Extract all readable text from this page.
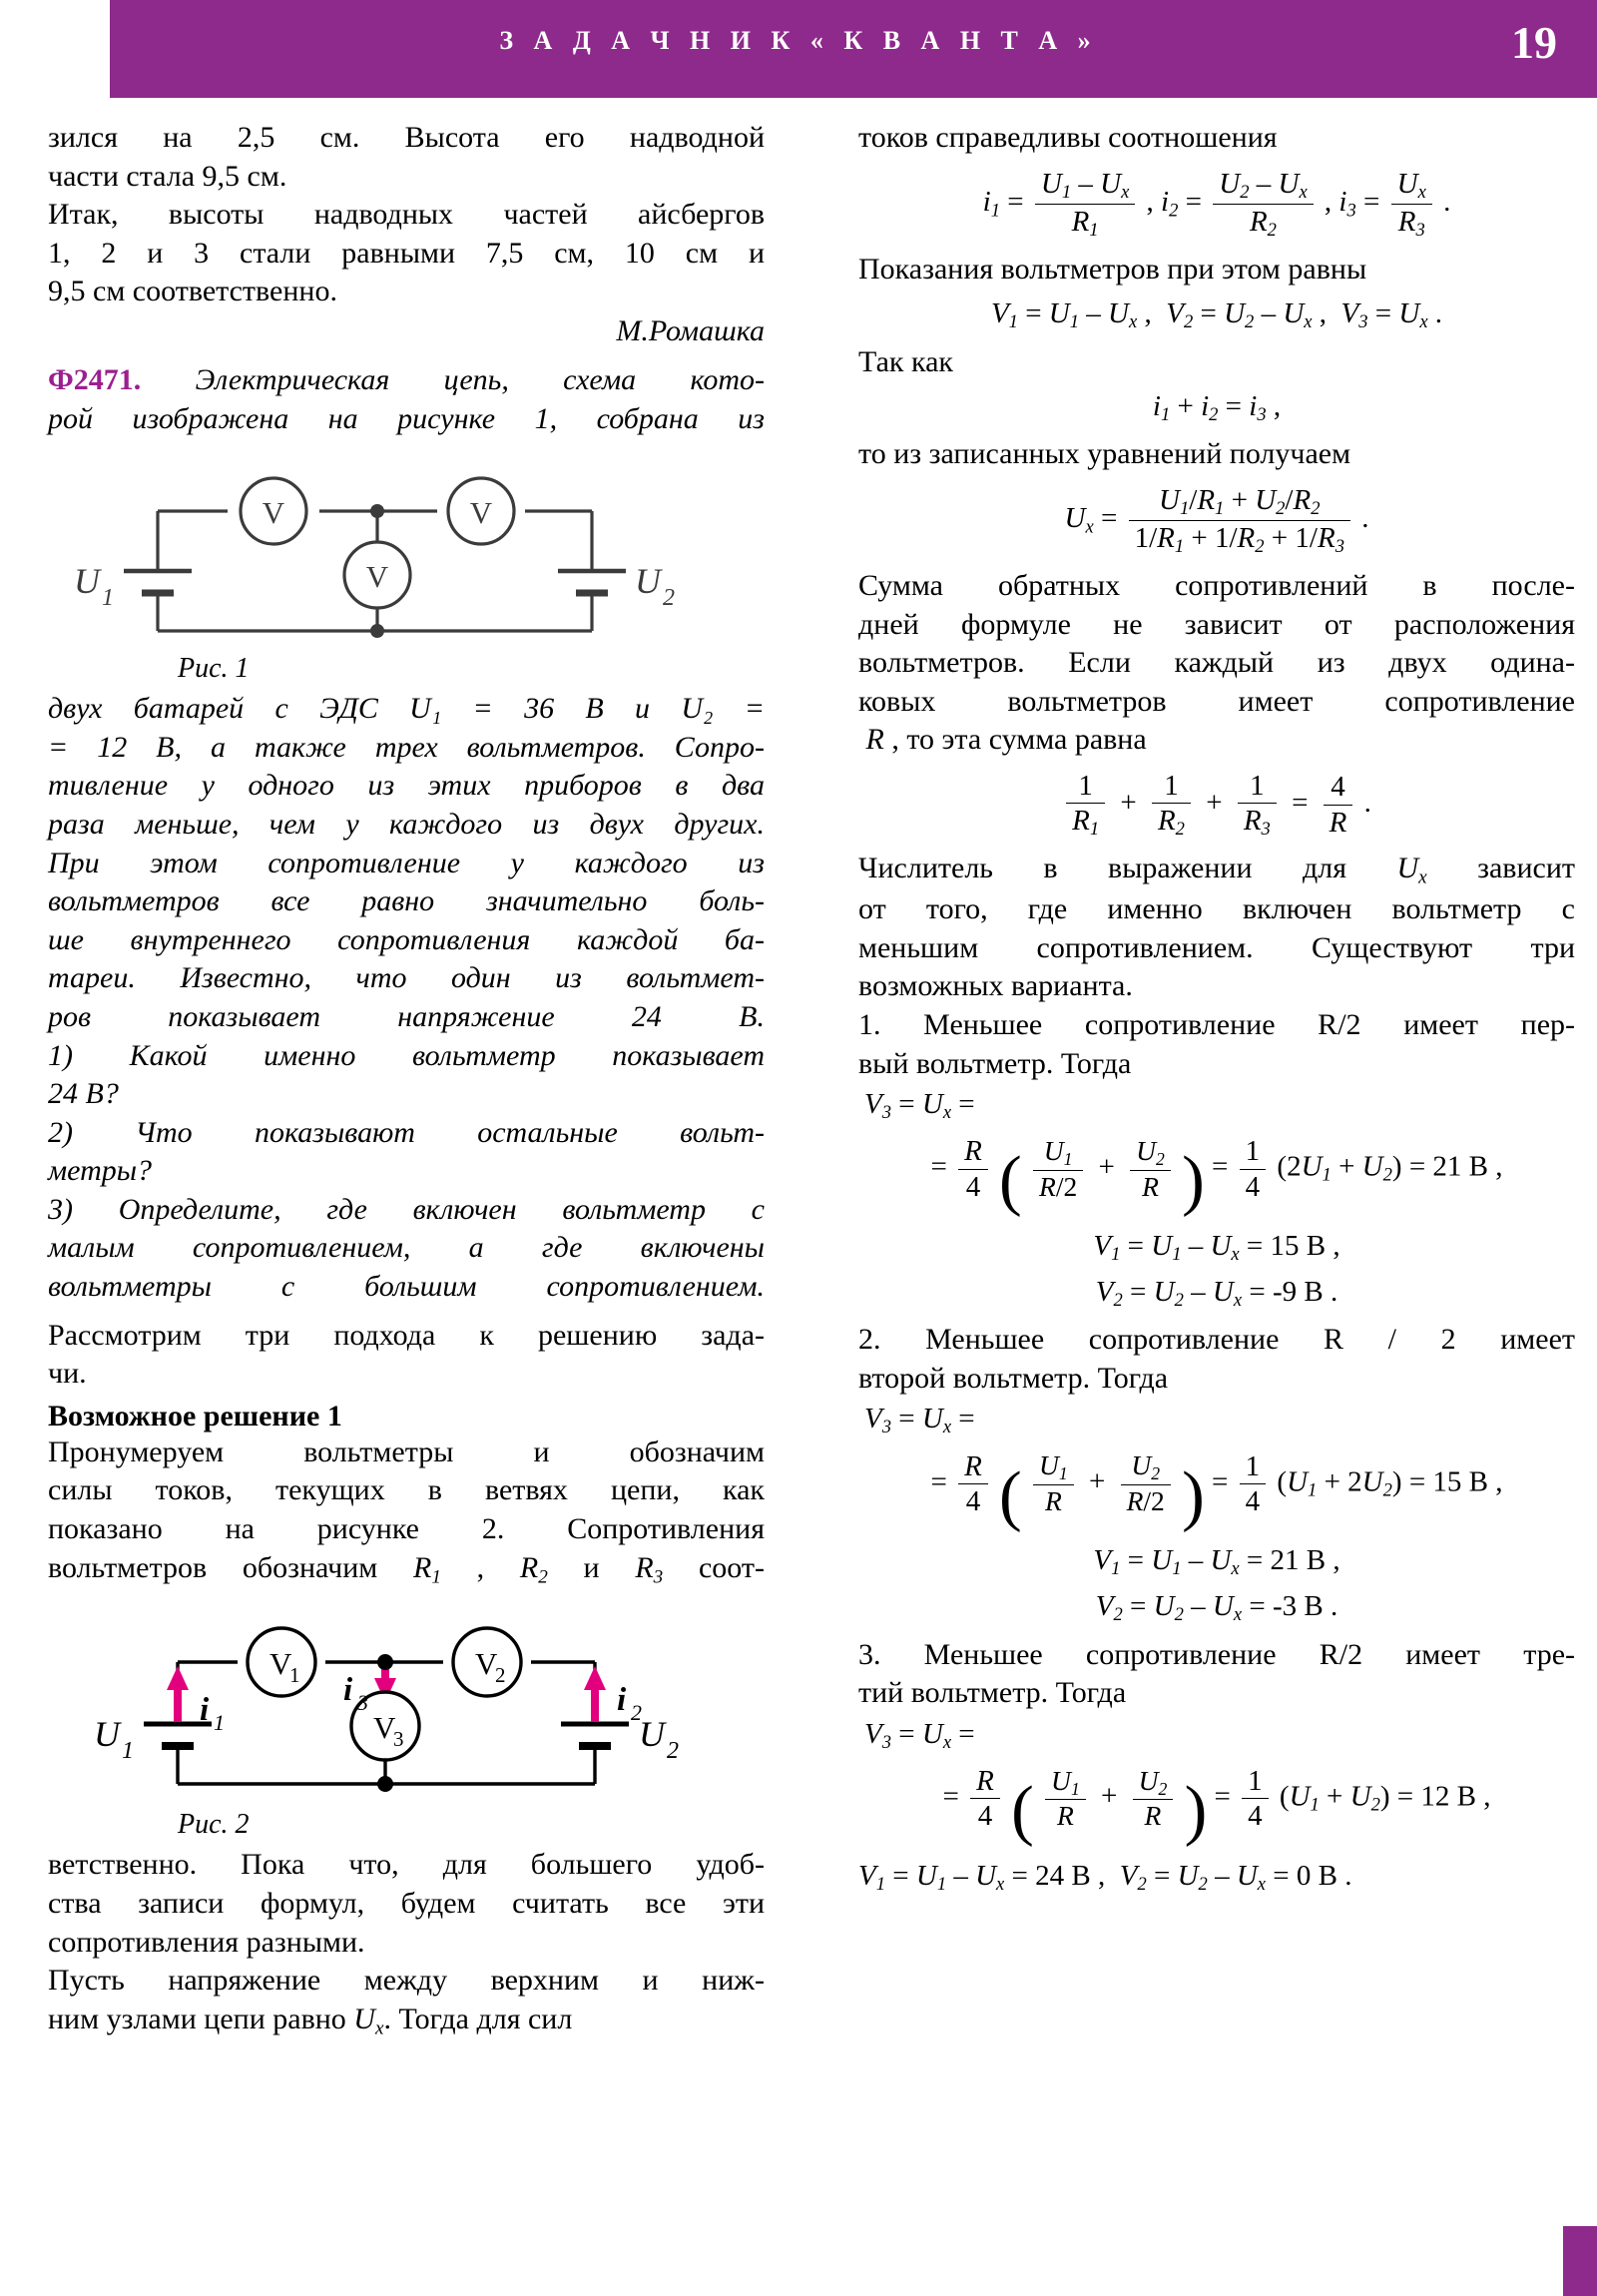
З А Д А Ч Н И К « К В А Н Т А »	19

зился на 2,5 см. Высота его надводной

части стала 9,5 см.

Итак, высоты надводных частей айсбергов

1, 2 и 3 стали равными 7,5 см, 10 см и

9,5 см соответственно.

М.Ромашка

Ф2471. Электрическая цепь, схема кото-

рой изображена на рисунке 1, собрана из

V	V
V
U 1	U 2
Рис. 1

двух батарей с ЭДС U₁ = 36 В и U₂ =

= 12 В, а также трех вольтметров. Сопро-

тивление у одного из этих приборов в два

раза меньше, чем у каждого из двух других.

При этом сопротивление у каждого из

вольтметров все равно значительно боль-

ше внутреннего сопротивления каждой ба-

тареи. Известно, что один из вольтмет-

ров показывает напряжение 24 В.

1) Какой именно вольтметр показывает

24 В?

2) Что показывают остальные вольт-

метры?

3) Определите, где включен вольтметр с

малым сопротивлением, а где включены

вольтметры с большим сопротивлением.

Рассмотрим три подхода к решению зада-

чи.

Возможное решение 1

Пронумеруем вольтметры и обозначим

силы токов, текущих в ветвях цепи, как

показано на рисунке 2. Сопротивления

вольтметров обозначим $R_1$ , $R_2$ и $R_3$ соот-

V
1	V
2
V
3
i 1
i 2
i 3
U 1	U 2
Рис. 2

ветственно. Пока что, для большего удоб-

ства записи формул, будем считать все эти

сопротивления разными.

Пусть напряжение между верхним и ниж-

ним узлами цепи равно $U_x$. Тогда для сил

токов справедливы соотношения

$i_1 = \frac{U_1 - U_x}{R_1}$ , $i_2 = \frac{U_2 - U_x}{R_2}$ , $i_3 = \frac{U_x}{R_3}$ .

Показания вольтметров при этом равны

$V_1 = U_1 - U_x$ ,  $V_2 = U_2 - U_x$ ,  $V_3 = U_x$ .

Так как

$i_1 + i_2 = i_3$ ,

то из записанных уравнений получаем

$U_x = \frac{U_1/R_1 + U_2/R_2}{1/R_1 + 1/R_2 + 1/R_3}$ .

Сумма обратных сопротивлений в после-

дней формуле не зависит от расположения

вольтметров. Если каждый из двух одина-

ковых вольтметров имеет сопротивление

R , то эта сумма равна

$\frac{1}{R_1} + \frac{1}{R_2} + \frac{1}{R_3} = \frac{4}{R}$ .

Числитель в выражении для $U_x$ зависит

от того, где именно включен вольтметр с

меньшим сопротивлением. Существуют три

возможных варианта.

1. Меньшее сопротивление R/2 имеет пер-

вый вольтметр. Тогда

$V_3 = U_x$ =
= $\frac{R}{4}$ ( $\frac{U_1}{R/2} + \frac{U_2}{R}$ ) = $\frac{1}{4} (2U_1 + U_2) = 21$ В ,
$V_1 = U_1 - U_x = 15$ В ,
$V_2 = U_2 - U_x = -9$ В .

2. Меньшее сопротивление R / 2 имеет

второй вольтметр. Тогда

$V_3 = U_x$ =
= $\frac{R}{4}$ ( $\frac{U_1}{R} + \frac{U_2}{R/2}$ ) = $\frac{1}{4} (U_1 + 2U_2) = 15$ В ,
$V_1 = U_1 - U_x = 21$ В ,
$V_2 = U_2 - U_x = -3$ В .

3. Меньшее сопротивление R/2 имеет тре-

тий вольтметр. Тогда

$V_3 = U_x$ =
= $\frac{R}{4}$ ( $\frac{U_1}{R} + \frac{U_2}{R}$ ) = $\frac{1}{4} (U_1 + U_2) = 12$ В ,
$V_1 = U_1 - U_x = 24$ В ,  $V_2 = U_2 - U_x = 0$ В .
